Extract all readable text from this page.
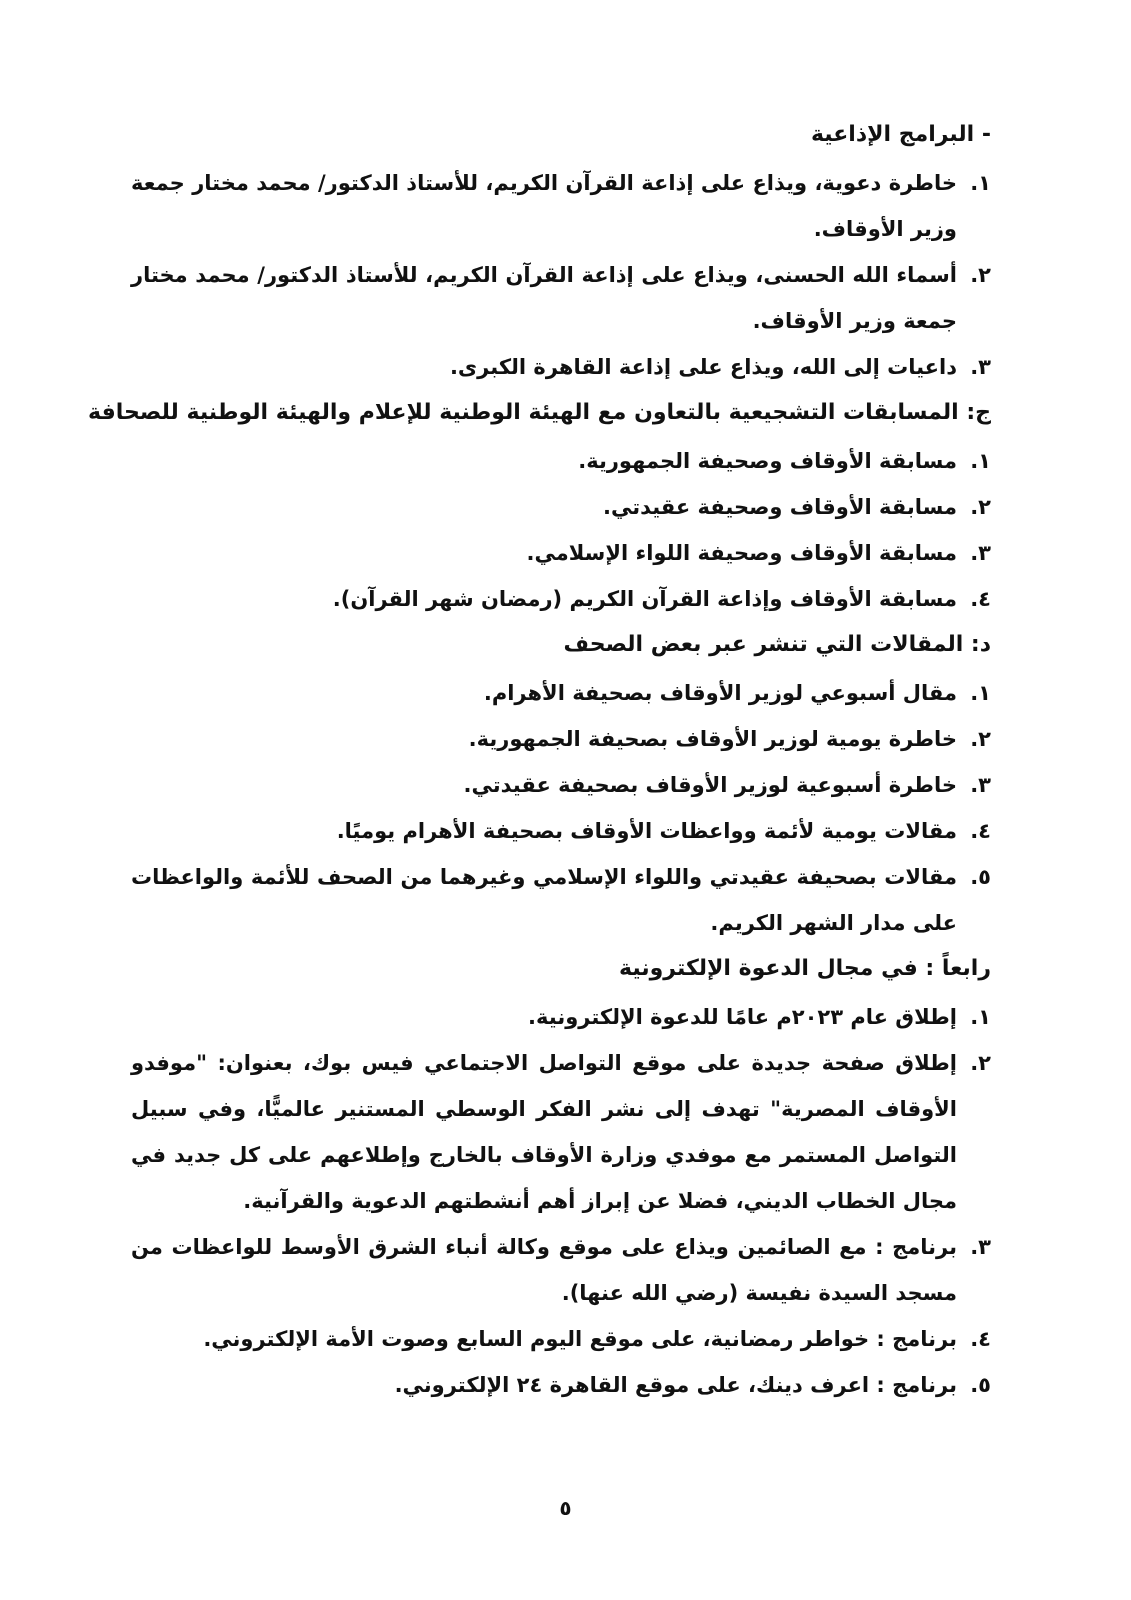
- البرامج الإذاعية
١.
خاطرة دعوية، ويذاع على إذاعة القرآن الكريم، للأستاذ الدكتور/ محمد مختار جمعة وزير الأوقاف.
٢.
أسماء الله الحسنى، ويذاع على إذاعة القرآن الكريم، للأستاذ الدكتور/ محمد مختار جمعة وزير الأوقاف.
٣.
داعيات إلى الله، ويذاع على إذاعة القاهرة الكبرى.
ج: المسابقات التشجيعية بالتعاون مع الهيئة الوطنية للإعلام والهيئة الوطنية للصحافة
١.
مسابقة الأوقاف وصحيفة الجمهورية.
٢.
مسابقة الأوقاف وصحيفة عقيدتي.
٣.
مسابقة الأوقاف وصحيفة اللواء الإسلامي.
٤.
مسابقة الأوقاف وإذاعة القرآن الكريم (رمضان شهر القرآن).
د: المقالات التي تنشر عبر بعض الصحف
١.
مقال أسبوعي لوزير الأوقاف بصحيفة الأهرام.
٢.
خاطرة يومية لوزير الأوقاف بصحيفة الجمهورية.
٣.
خاطرة أسبوعية لوزير الأوقاف بصحيفة عقيدتي.
٤.
مقالات يومية لأئمة وواعظات الأوقاف بصحيفة الأهرام يوميًا.
٥.
مقالات بصحيفة عقيدتي واللواء الإسلامي وغيرهما من الصحف للأئمة والواعظات على مدار الشهر الكريم.
رابعاً : في مجال الدعوة الإلكترونية
١.
إطلاق عام ٢٠٢٣م عامًا للدعوة الإلكترونية.
٢.
إطلاق صفحة جديدة على موقع التواصل الاجتماعي فيس بوك، بعنوان: "موفدو الأوقاف المصرية" تهدف إلى نشر الفكر الوسطي المستنير عالميًّا، وفي سبيل التواصل المستمر مع موفدي وزارة الأوقاف بالخارج وإطلاعهم على كل جديد في مجال الخطاب الديني، فضلا عن إبراز أهم أنشطتهم الدعوية والقرآنية.
٣.
برنامج : مع الصائمين ويذاع على موقع وكالة أنباء الشرق الأوسط للواعظات من مسجد السيدة نفيسة (رضي الله عنها).
٤.
برنامج : خواطر رمضانية، على موقع اليوم السابع وصوت الأمة الإلكتروني.
٥.
برنامج : اعرف دينك، على موقع القاهرة ٢٤ الإلكتروني.
٥
